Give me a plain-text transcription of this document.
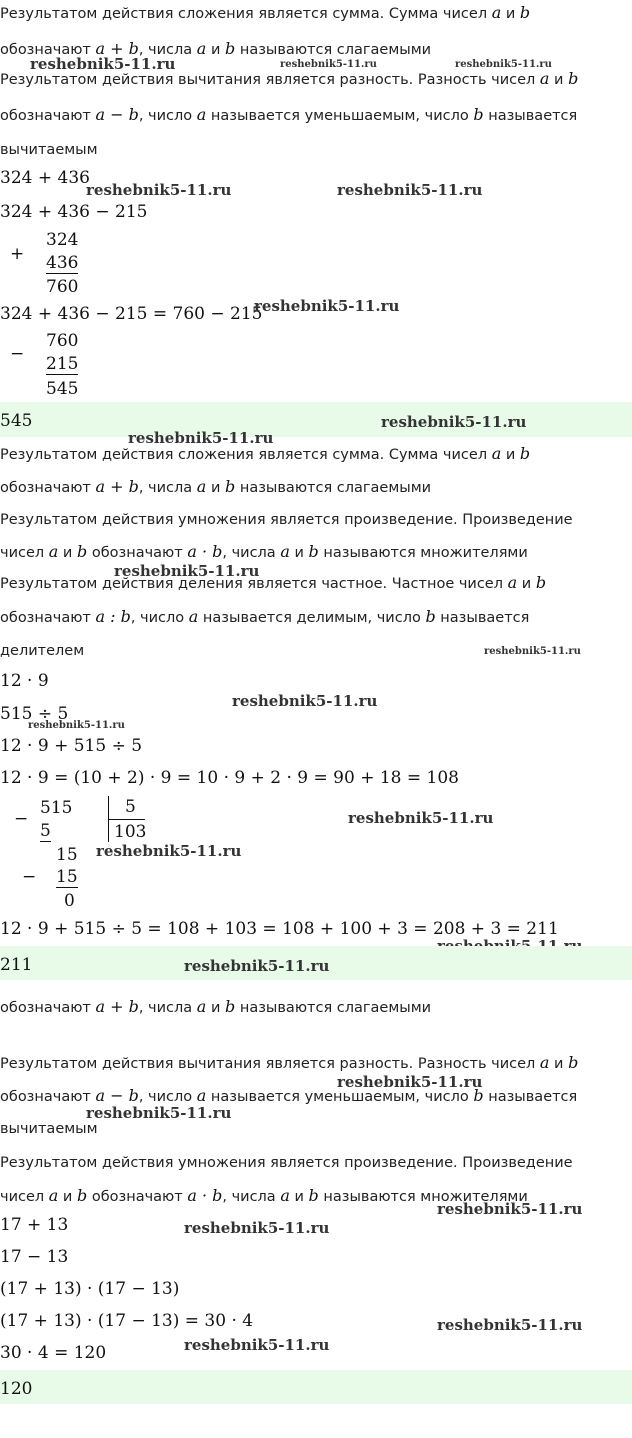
Результатом действия сложения является сумма. Сумма чисел a и b
обозначают a + b, числа a и b называются слагаемыми
reshebnik5-11.ru	reshebnik5-11.ru	reshebnik5-11.ru
Результатом действия вычитания является разность. Разность чисел a и b
обозначают a − b, число a называется уменьшаемым, число b называется
вычитаемым
324 + 436
reshebnik5-11.ru	reshebnik5-11.ru
324 + 436 − 215
+
324
436
760
324 + 436 − 215 = 760 − 215
reshebnik5-11.ru
−
760
215
545
545	reshebnik5-11.ru
reshebnik5-11.ru
Результатом действия сложения является сумма. Сумма чисел a и b
обозначают a + b, числа a и b называются слагаемыми
Результатом действия умножения является произведение. Произведение
чисел a и b обозначают a · b, числа a и b называются множителями
reshebnik5-11.ru
Результатом действия деления является частное. Частное чисел a и b
обозначают a : b, число a называется делимым, число b называется
делителем	reshebnik5-11.ru
12 · 9
reshebnik5-11.ru
515 ÷ 5
reshebnik5-11.ru
12 · 9 + 515 ÷ 5
12 · 9 = (10 + 2) · 9 = 10 · 9 + 2 · 9 = 90 + 18 = 108
−
515
5
5
103
reshebnik5-11.ru
15 reshebnik5-11.ru
− 15
0
12 · 9 + 515 ÷ 5 = 108 + 103 = 108 + 100 + 3 = 208 + 3 = 211
211	reshebnik5-11.ru
обозначают a + b, числа a и b называются слагаемыми
Результатом действия вычитания является разность. Разность чисел a и b
reshebnik5-11.ru
обозначают a − b, число a называется уменьшаемым, число b называется
reshebnik5-11.ru
вычитаемым
Результатом действия умножения является произведение. Произведение
чисел a и b обозначают a · b, числа a и b называются множителями
reshebnik5-11.ru
17 + 13	reshebnik5-11.ru
17 − 13
(17 + 13) · (17 − 13)
(17 + 13) · (17 − 13) = 30 · 4	reshebnik5-11.ru
reshebnik5-11.ru
30 · 4 = 120
120
